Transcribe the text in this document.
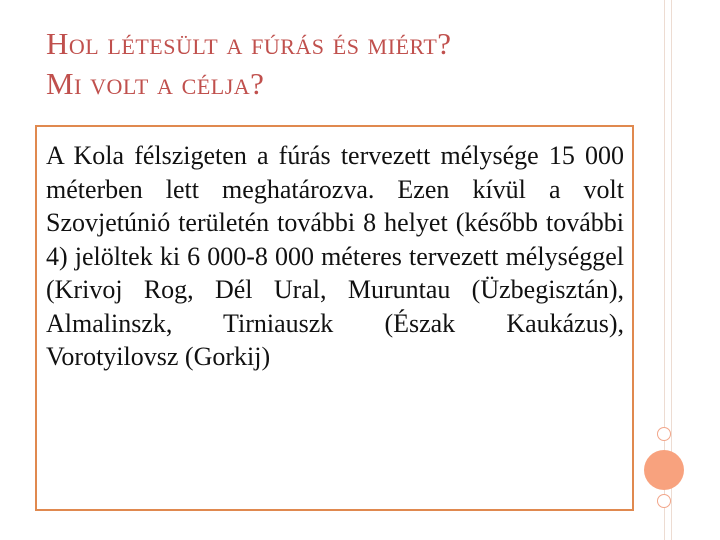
Hol létesült a fúrás és miért?
Mi volt a célja?

A Kola félszigeten a fúrás tervezett mélysége 15 000 méterben lett meghatározva. Ezen kívül a volt Szovjetúnió területén további 8 helyet (később további 4) jelöltek ki 6 000-8 000 méteres tervezett mélységgel (Krivoj Rog, Dél Ural, Muruntau (Üzbegisztán), Almalinszk, Tirniauszk (Észak Kaukázus), Vorotyilovsz (Gorkij)
